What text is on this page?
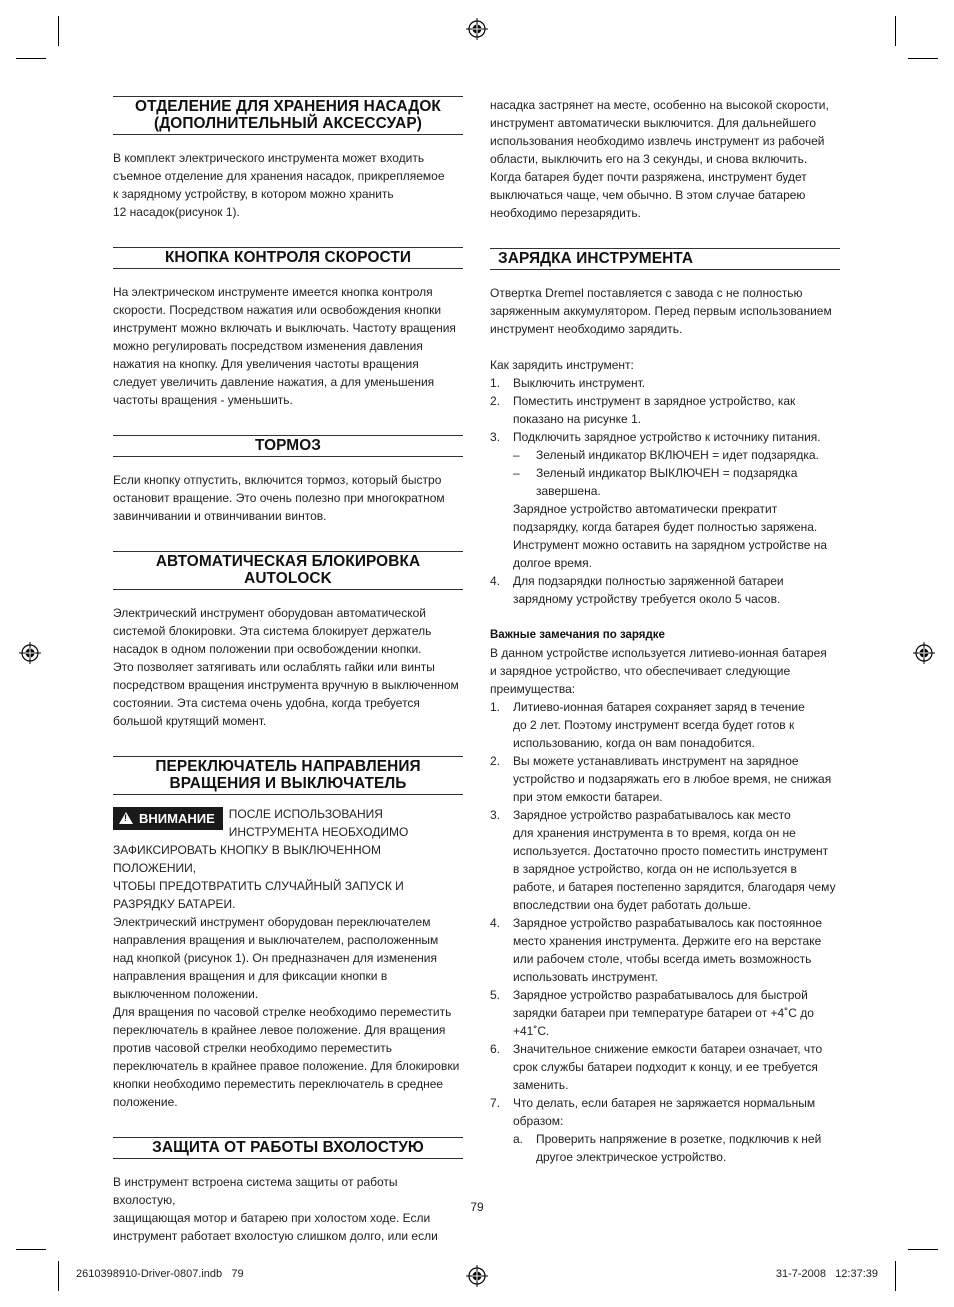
ОТДЕЛЕНИЕ ДЛЯ ХРАНЕНИЯ НАСАДОК
(ДОПОЛНИТЕЛЬНЫЙ АКСЕССУАР)

В комплект электрического инструмента может входить

съемное отделение для хранения насадок, прикрепляемое

к зарядному устройству, в котором можно хранить

12 насадок(рисунок 1).

КНОПКА КОНТРОЛЯ СКОРОСТИ

На электрическом инструменте имеется кнопка контроля

скорости. Посредством нажатия или освобождения кнопки

инструмент можно включать и выключать. Частоту вращения

можно регулировать посредством изменения давления

нажатия на кнопку. Для увеличения частоты вращения

следует увеличить давление нажатия, а для уменьшения

частоты вращения - уменьшить.

ТОРМОЗ

Если кнопку отпустить, включится тормоз, который быстро

остановит вращение. Это очень полезно при многократном

завинчивании и отвинчивании винтов.

АВТОМАТИЧЕСКАЯ БЛОКИРОВКА
AUTOLOCK

Электрический инструмент оборудован автоматической

системой блокировки. Эта система блокирует держатель

насадок в одном положении при освобождении кнопки.

Это позволяет затягивать или ослаблять гайки или винты

посредством вращения инструмента вручную в выключенном

состоянии. Эта система очень удобна, когда требуется

большой крутящий момент.

ПЕРЕКЛЮЧАТЕЛЬ НАПРАВЛЕНИЯ
ВРАЩЕНИЯ И ВЫКЛЮЧАТЕЛЬ
! ВНИМАНИЕ	ПОСЛЕ ИСПОЛЬЗОВАНИЯ
ИНСТРУМЕНТА НЕОБХОДИМО
ЗАФИКСИРОВАТЬ КНОПКУ В ВЫКЛЮЧЕННОМ ПОЛОЖЕНИИ,
ЧТОБЫ ПРЕДОТВРАТИТЬ СЛУЧАЙНЫЙ ЗАПУСК И
РАЗРЯДКУ БАТАРЕИ.

Электрический инструмент оборудован переключателем

направления вращения и выключателем, расположенным

над кнопкой (рисунок 1). Он предназначен для изменения

направления вращения и для фиксации кнопки в

выключенном положении.

Для вращения по часовой стрелке необходимо переместить

переключатель в крайнее левое положение. Для вращения

против часовой стрелки необходимо переместить

переключатель в крайнее правое положение. Для блокировки

кнопки необходимо переместить переключатель в среднее

положение.

ЗАЩИТА ОТ РАБОТЫ ВХОЛОСТУЮ

В инструмент встроена система защиты от работы вхолостую,

защищающая мотор и батарею при холостом ходе. Если

инструмент работает вхолостую слишком долго, или если

насадка застрянет на месте, особенно на высокой скорости,

инструмент автоматически выключится. Для дальнейшего

использования необходимо извлечь инструмент из рабочей

области, выключить его на 3 секунды, и снова включить.

Когда батарея будет почти разряжена, инструмент будет

выключаться чаще, чем обычно. В этом случае батарею

необходимо перезарядить.

ЗАРЯДКА ИНСТРУМЕНТА

Отвертка Dremel поставляется с завода с не полностью

заряженным аккумулятором. Перед первым использованием

инструмент необходимо зарядить.

Как зарядить инструмент:

1. Выключить инструмент.
2. Поместить инструмент в зарядное устройство, как
показано на рисунке 1.
3. Подключить зарядное устройство к источнику питания.
– Зеленый индикатор ВКЛЮЧЕН = идет подзарядка.
– Зеленый индикатор ВЫКЛЮЧЕН = подзарядка
завершена.
Зарядное устройство автоматически прекратит
подзарядку, когда батарея будет полностью заряжена.
Инструмент можно оставить на зарядном устройстве на
долгое время.
4. Для подзарядки полностью заряженной батареи
зарядному устройству требуется около 5 часов.
Важные замечания по зарядке

В данном устройстве используется литиево-ионная батарея

и зарядное устройство, что обеспечивает следующие

преимущества:

1. Литиево-ионная батарея сохраняет заряд в течение
до 2 лет. Поэтому инструмент всегда будет готов к
использованию, когда он вам понадобится.
2. Вы можете устанавливать инструмент на зарядное
устройство и подзаряжать его в любое время, не снижая
при этом емкости батареи.
3. Зарядное устройство разрабатывалось как место
для хранения инструмента в то время, когда он не
используется. Достаточно просто поместить инструмент
в зарядное устройство, когда он не используется в
работе, и батарея постепенно зарядится, благодаря чему
впоследствии она будет работать дольше.
4. Зарядное устройство разрабатывалось как постоянное
место хранения инструмента. Держите его на верстаке
или рабочем столе, чтобы всегда иметь возможность
использовать инструмент.
5. Зарядное устройство разрабатывалось для быстрой
зарядки батареи при температуре батареи от +4˚C до
+41˚C.
6. Значительное снижение емкости батареи означает, что
срок службы батареи подходит к концу, и ее требуется
заменить.
7. Что делать, если батарея не заряжается нормальным
образом:
a. Проверить напряжение в розетке, подключив к ней
другое электрическое устройство.
79
2610398910-Driver-0807.indb   79	31-7-2008   12:37:39
